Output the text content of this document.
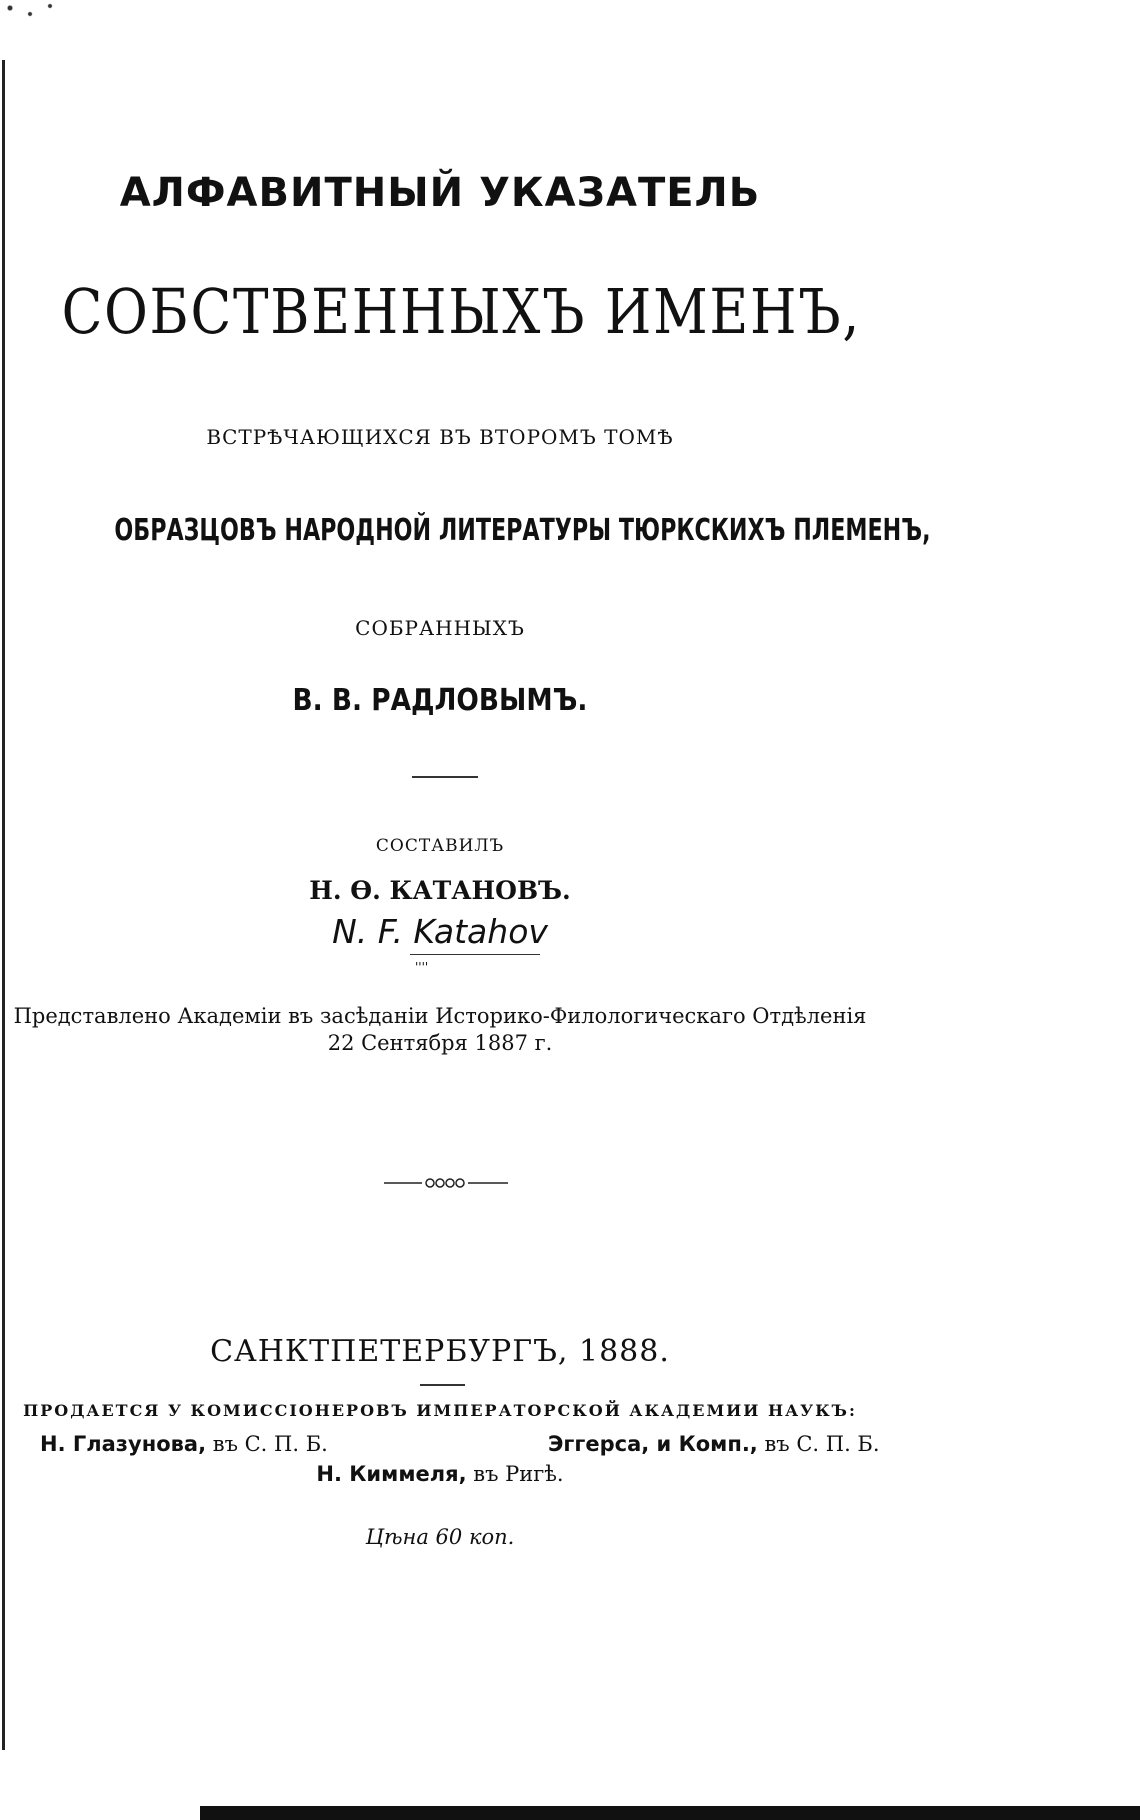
АЛФАВИТНЫЙ УКАЗАТЕЛЬ
СОБСТВЕННЫХЪ ИМЕНЪ,
ВСТРѢЧАЮЩИХСЯ ВЪ ВТОРОМЪ ТОМѢ
ОБРАЗЦОВЪ НАРОДНОЙ ЛИТЕРАТУРЫ ТЮРКСКИХЪ ПЛЕМЕНЪ,
СОБРАННЫХЪ
В. В. РАДЛОВЫМЪ.
СОСТАВИЛЪ
Н. Ѳ. КАТАНОВЪ.
N. F. Katahov
''''
Представлено Академіи въ засѣданіи Историко-Филологическаго Отдѣленія
22 Сентября 1887 г.
САНКТПЕТЕРБУРГЪ, 1888.
ПРОДАЕТСЯ У КОМИССІОНЕРОВЪ ИМПЕРАТОРСКОЙ АКАДЕМИИ НАУКЪ:
Н. Глазунова, въ С. П. Б.	Эггерса, и Комп., въ С. П. Б.
Н. Киммеля, въ Ригѣ.
Цѣна 60 коп.
